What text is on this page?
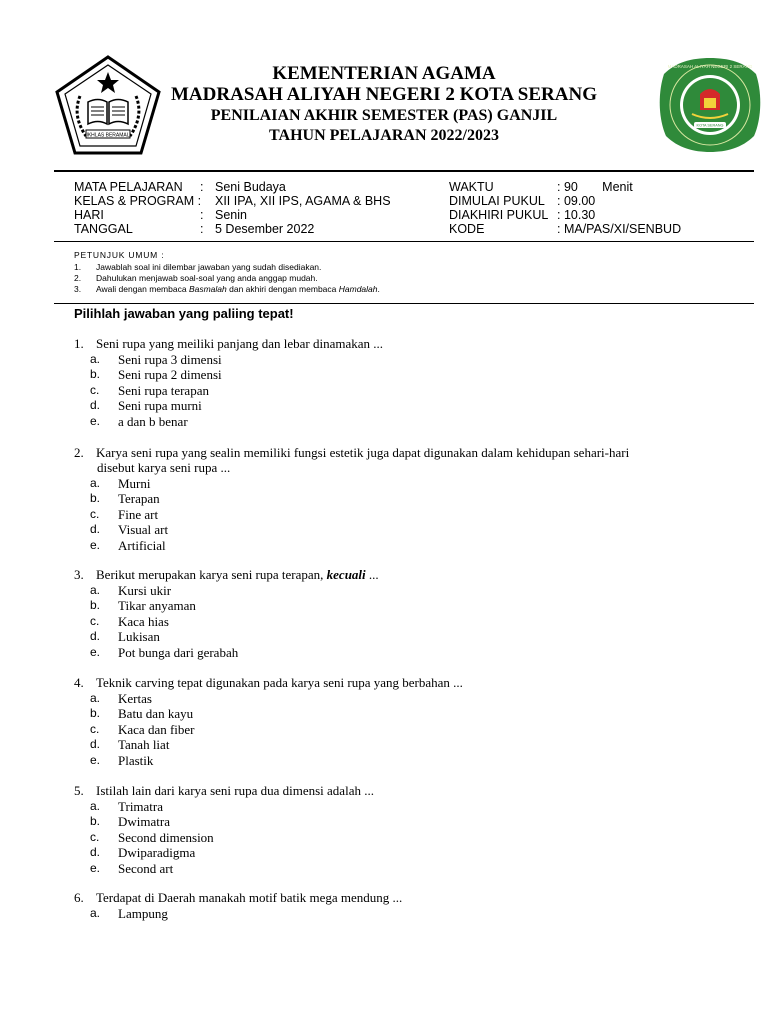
IKHLAS BERAMAL
MADRASAH ALIYAH NEGERI 2 SERANG
KOTA SERANG
KEMENTERIAN AGAMA
MADRASAH ALIYAH NEGERI 2 KOTA SERANG
PENILAIAN AKHIR SEMESTER (PAS) GANJIL
TAHUN PELAJARAN 2022/2023
MATA PELAJARAN : Seni Budaya
KELAS & PROGRAM : XII IPA, XII IPS, AGAMA & BHS
HARI	: Senin
TANGGAL	: 5 Desember 2022
WAKTU	: 90       Menit
DIMULAI PUKUL : 09.00
DIAKHIRI PUKUL : 10.30
KODE	: MA/PAS/XI/SENBUD
PETUNJUK UMUM :
1. Jawablah soal ini dilembar jawaban yang sudah disediakan.
2. Dahulukan menjawab soal-soal yang anda anggap mudah.
3. Awali dengan membaca Basmalah dan akhiri dengan membaca Hamdalah.
Pilihlah jawaban yang paliing tepat!
1. Seni rupa yang meiliki panjang dan lebar dinamakan ...
a. Seni rupa 3 dimensi
b. Seni rupa 2 dimensi
c. Seni rupa terapan
d. Seni rupa murni
e. a dan b benar
2. Karya seni rupa yang sealin memiliki fungsi estetik juga dapat digunakan dalam kehidupan sehari-hari
disebut karya seni rupa ...
a. Murni
b. Terapan
c. Fine art
d. Visual art
e. Artificial
3. Berikut merupakan karya seni rupa terapan, kecuali ...
a. Kursi ukir
b. Tikar anyaman
c. Kaca hias
d. Lukisan
e. Pot bunga dari gerabah
4. Teknik carving tepat digunakan pada karya seni rupa yang berbahan ...
a. Kertas
b. Batu dan kayu
c. Kaca dan fiber
d. Tanah liat
e. Plastik
5. Istilah lain dari karya seni rupa dua dimensi adalah ...
a. Trimatra
b. Dwimatra
c. Second dimension
d. Dwiparadigma
e. Second art
6. Terdapat di Daerah manakah motif batik mega mendung ...
a. Lampung
